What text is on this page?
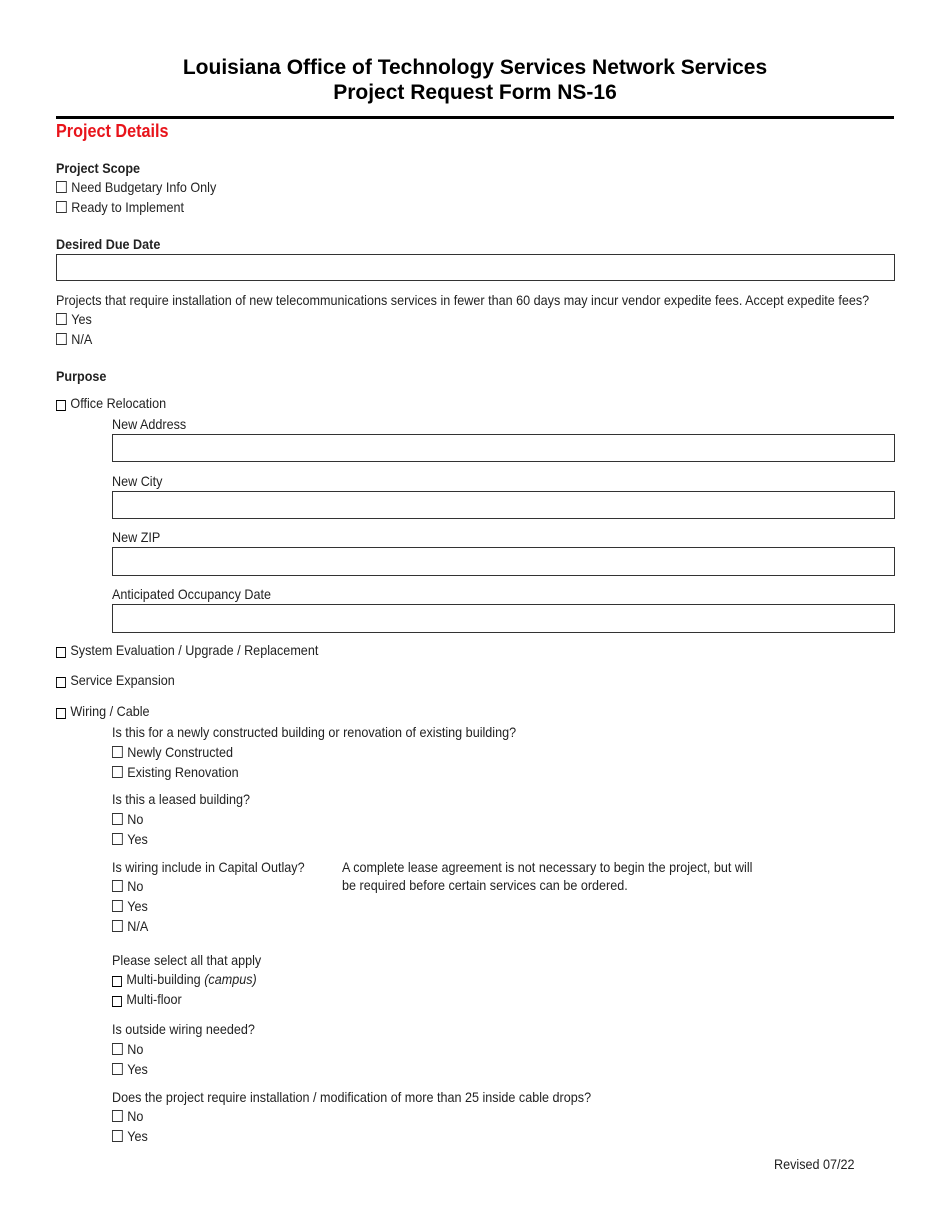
Louisiana Office of Technology Services Network Services
Project Request Form NS-16
Project Details
Project Scope
Need Budgetary Info Only
Ready to Implement
Desired Due Date
Projects that require installation of new telecommunications services in fewer than 60 days may incur vendor expedite fees. Accept expedite fees?
Yes
N/A
Purpose
Office Relocation
New Address
New City
New ZIP
Anticipated Occupancy Date
System Evaluation / Upgrade / Replacement
Service Expansion
Wiring / Cable
Is this for a newly constructed building or renovation of existing building?
Newly Constructed
Existing Renovation
Is this a leased building?
No
Yes
Is wiring include in Capital Outlay?	A complete lease agreement is not necessary to begin the project, but will
be required before certain services can be ordered.
No
Yes
N/A
Please select all that apply
Multi-building (campus)
Multi-floor
Is outside wiring needed?
No
Yes
Does the project require installation / modification of more than 25 inside cable drops?
No
Yes
Revised 07/22
